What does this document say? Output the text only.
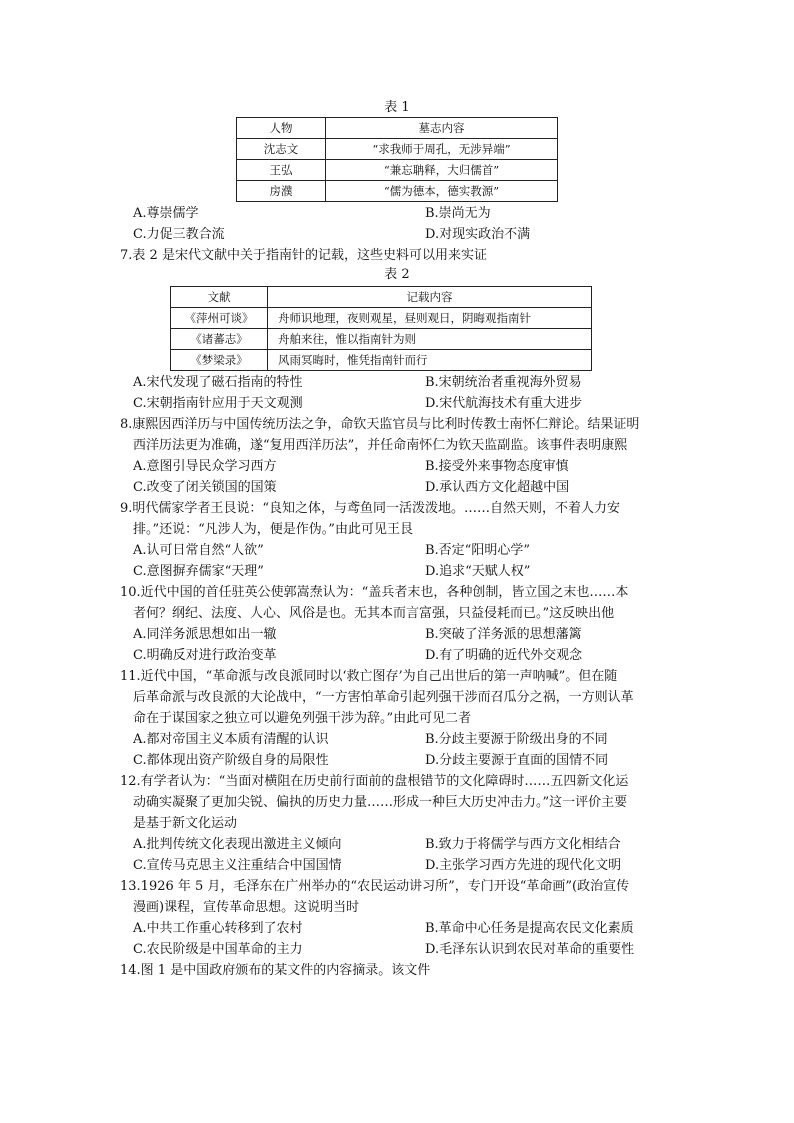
表 1
人物	墓志内容
沈志文	“求我师于周孔，无涉异端”
王弘	“兼忘聃释，大归儒首”
房濮	“儒为德本，德实教源”
A.尊崇儒学	B.崇尚无为
C.力促三教合流	D.对现实政治不满
7.表 2 是宋代文献中关于指南针的记载，这些史料可以用来实证
表 2
文献	记载内容
《萍州可谈》	舟师识地理，夜则观星，昼则观日，阴晦观指南针
《诸蕃志》	舟舶来往，惟以指南针为则
《梦梁录》	风雨冥晦时，惟凭指南针而行
A.宋代发现了磁石指南的特性	B.宋朝统治者重视海外贸易
C.宋朝指南针应用于天文观测	D.宋代航海技术有重大进步
8.康熙因西洋历与中国传统历法之争，命钦天监官员与比利时传教士南怀仁辩论。结果证明
西洋历法更为准确，遂“复用西洋历法”，并任命南怀仁为钦天监副监。该事件表明康熙
A.意图引导民众学习西方	B.接受外来事物态度审慎
C.改变了闭关锁国的国策	D.承认西方文化超越中国
9.明代儒家学者王艮说：“良知之体，与鸢鱼同一活泼泼地。……自然天则，不着人力安
排。”还说：“凡涉人为，便是作伪。”由此可见王艮
A.认可日常自然“人欲”	B.否定“阳明心学”
C.意图摒弃儒家“天理”	D.追求“天赋人权”
10.近代中国的首任驻英公使郭嵩焘认为：“盖兵者末也，各种创制，皆立国之末也……本
者何？纲纪、法度、人心、风俗是也。无其本而言富强，只益侵耗而已。”这反映出他
A.同洋务派思想如出一辙	B.突破了洋务派的思想藩篱
C.明确反对进行政治变革	D.有了明确的近代外交观念
11.近代中国，“革命派与改良派同时以‘救亡图存’为自己出世后的第一声呐喊”。但在随
后革命派与改良派的大论战中，“一方害怕革命引起列强干涉而召瓜分之祸，一方则认革
命在于谋国家之独立可以避免列强干涉为辞。”由此可见二者
A.都对帝国主义本质有清醒的认识	B.分歧主要源于阶级出身的不同
C.都体现出资产阶级自身的局限性	D.分歧主要源于直面的国情不同
12.有学者认为：“当面对横阻在历史前行面前的盘根错节的文化障碍时……五四新文化运
动确实凝聚了更加尖锐、偏执的历史力量……形成一种巨大历史冲击力。”这一评价主要
是基于新文化运动
A.批判传统文化表现出激进主义倾向	B.致力于将儒学与西方文化相结合
C.宣传马克思主义注重结合中国国情	D.主张学习西方先进的现代化文明
13.1926 年 5 月，毛泽东在广州举办的“农民运动讲习所”，专门开设“革命画”(政治宣传
漫画)课程，宣传革命思想。这说明当时
A.中共工作重心转移到了农村	B.革命中心任务是提高农民文化素质
C.农民阶级是中国革命的主力	D.毛泽东认识到农民对革命的重要性
14.图 1 是中国政府颁布的某文件的内容摘录。该文件
